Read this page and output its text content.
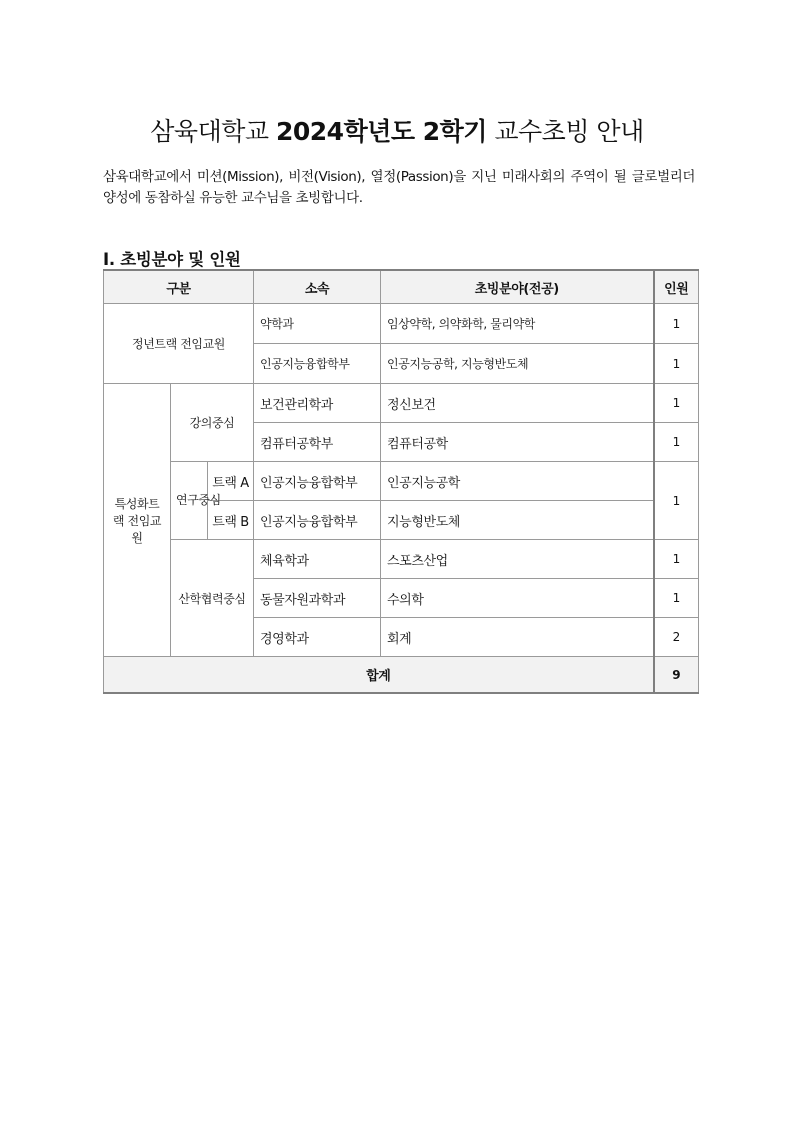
삼육대학교 2024학년도 2학기 교수초빙 안내
삼육대학교에서 미션(Mission), 비전(Vision), 열정(Passion)을 지닌 미래사회의 주역이 될 글로벌리더 양성에 동참하실 유능한 교수님을 초빙합니다.
Ⅰ. 초빙분야 및 인원
구분			소속	초빙분야(전공)	인원
정년트랙 전임교원			약학과	임상약학, 의약화학, 물리약학	1
			인공지능융합학부	인공지능공학, 지능형반도체	1
특성화트랙 전임교원	강의중심		보건관리학과	정신보건	1
			컴퓨터공학부	컴퓨터공학	1
	연구중심	트랙 A	인공지능융합학부	인공지능공학	1
		트랙 B	인공지능융합학부	지능형반도체	
	산학협력중심		체육학과	스포츠산업	1
			동물자원과학과	수의학	1
			경영학과	회계	2
합계					9
